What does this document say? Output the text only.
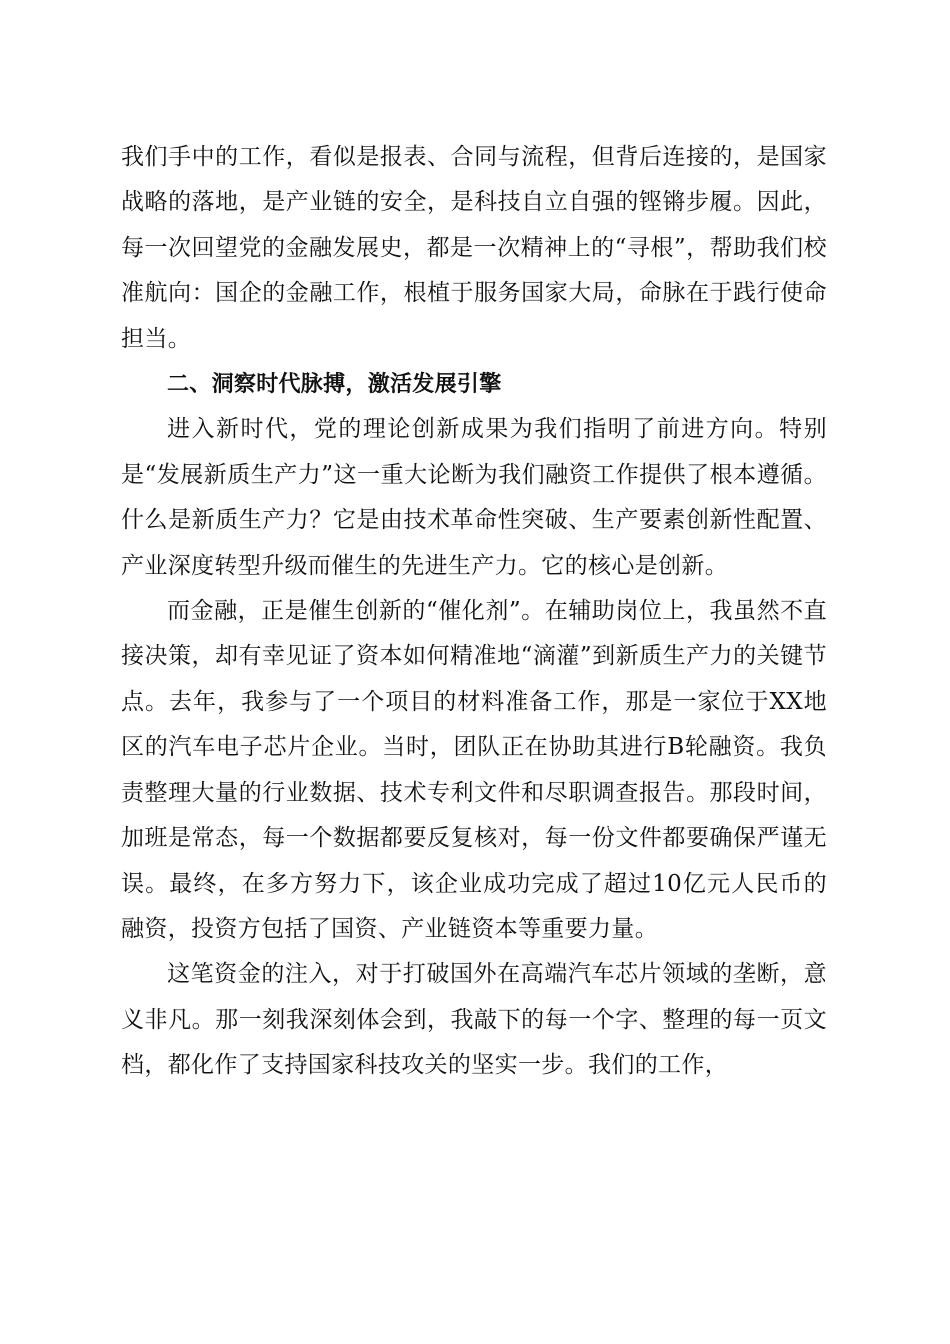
我们手中的工作，看似是报表、合同与流程，但背后连接的，是国家战略的落地，是产业链的安全，是科技自立自强的铿锵步履。因此，每一次回望党的金融发展史，都是一次精神上的“寻根”，帮助我们校准航向：国企的金融工作，根植于服务国家大局，命脉在于践行使命担当。

二、洞察时代脉搏，激活发展引擎

进入新时代，党的理论创新成果为我们指明了前进方向。特别是“发展新质生产力”这一重大论断为我们融资工作提供了根本遵循。什么是新质生产力？它是由技术革命性突破、生产要素创新性配置、产业深度转型升级而催生的先进生产力。它的核心是创新。

而金融，正是催生创新的“催化剂”。在辅助岗位上，我虽然不直接决策，却有幸见证了资本如何精准地“滴灌”到新质生产力的关键节点。去年，我参与了一个项目的材料准备工作，那是一家位于XX地区的汽车电子芯片企业。当时，团队正在协助其进行B轮融资。我负责整理大量的行业数据、技术专利文件和尽职调查报告。那段时间，加班是常态，每一个数据都要反复核对，每一份文件都要确保严谨无误。最终，在多方努力下，该企业成功完成了超过10亿元人民币的融资，投资方包括了国资、产业链资本等重要力量。

这笔资金的注入，对于打破国外在高端汽车芯片领域的垄断，意义非凡。那一刻我深刻体会到，我敲下的每一个字、整理的每一页文档，都化作了支持国家科技攻关的坚实一步。我们的工作，
